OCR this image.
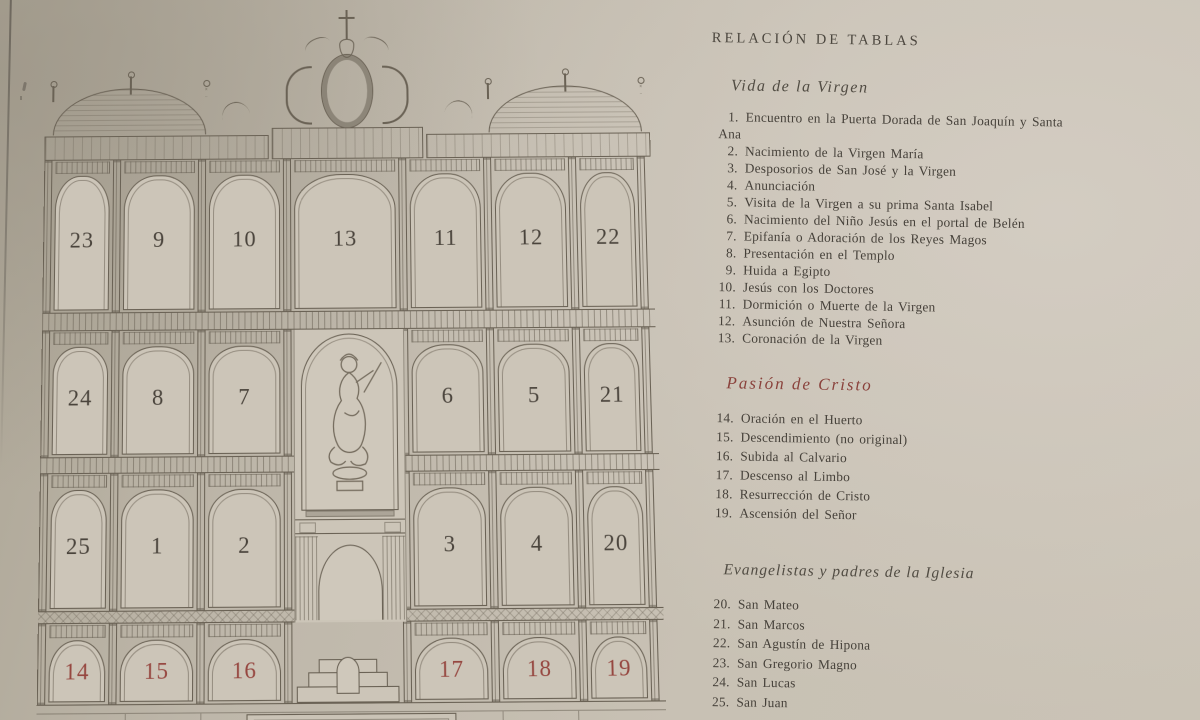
23	9	10	13	11	12 22
24	8	7	6	5	21
25	1	2	3	4	20
14 15	16	17	18 19
RELACIÓN DE TABLAS
Vida de la Virgen
1. Encuentro en la Puerta Dorada de San Joaquín y Santa Ana
2. Nacimiento de la Virgen María
3. Desposorios de San José y la Virgen
4. Anunciación
5. Visita de la Virgen a su prima Santa Isabel
6. Nacimiento del Niño Jesús en el portal de Belén
7. Epifanía o Adoración de los Reyes Magos
8. Presentación en el Templo
9. Huida a Egipto
10. Jesús con los Doctores
11. Dormición o Muerte de la Virgen
12. Asunción de Nuestra Señora
13. Coronación de la Virgen
Pasión de Cristo
14. Oración en el Huerto
15. Descendimiento (no original)
16. Subida al Calvario
17. Descenso al Limbo
18. Resurrección de Cristo
19. Ascensión del Señor
Evangelistas y padres de la Iglesia
20. San Mateo
21. San Marcos
22. San Agustín de Hipona
23. San Gregorio Magno
24. San Lucas
25. San Juan
